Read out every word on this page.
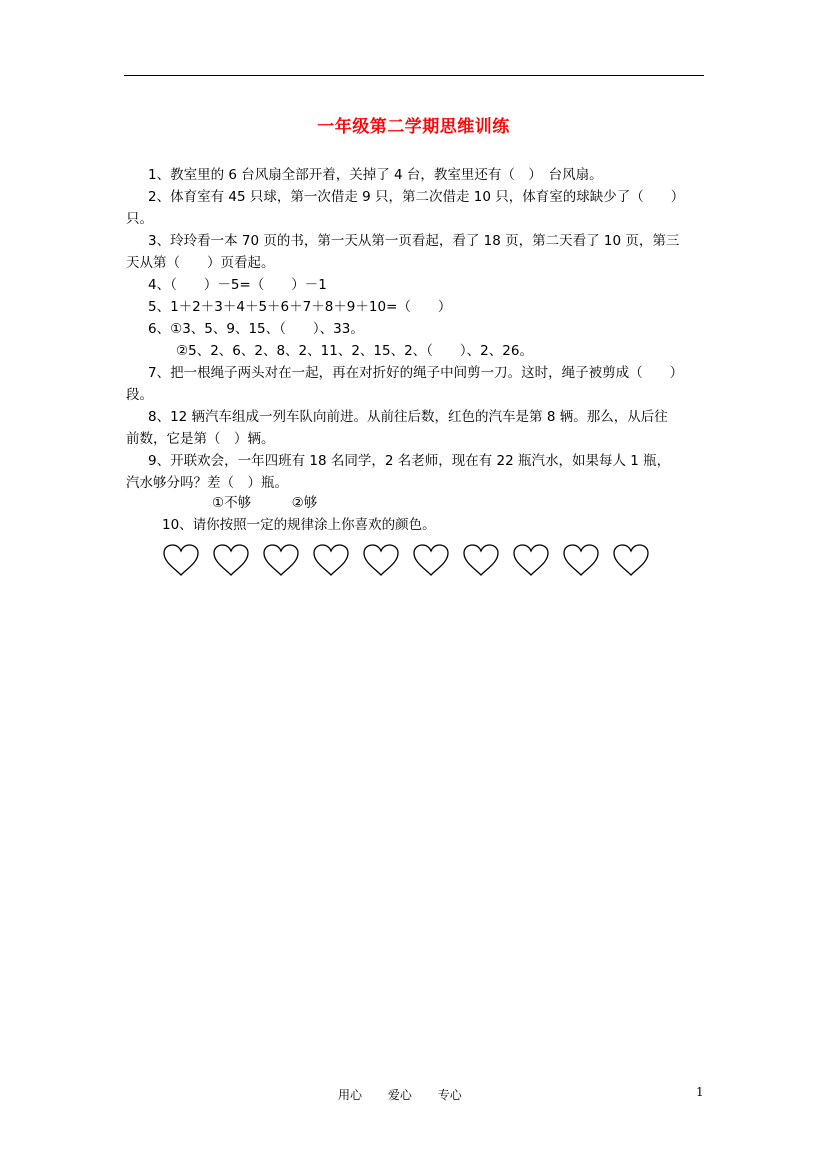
一年级第二学期思维训练
1、教室里的 6 台风扇全部开着，关掉了 4 台，教室里还有（　）　台风扇。
2、体育室有 45 只球，第一次借走 9 只，第二次借走 10 只，体育室的球缺少了（　　）
只。
3、玲玲看一本 70 页的书，第一天从第一页看起，看了 18 页，第二天看了 10 页，第三
天从第（　　）页看起。
4、（　　）－5=（　　）－1
5、1＋2＋3＋4＋5＋6＋7＋8＋9＋10=（　　）
6、①3、5、9、15、（　　）、33。
②5、2、6、2、8、2、11、2、15、2、（　　）、2、26。
7、把一根绳子两头对在一起，再在对折好的绳子中间剪一刀。这时，绳子被剪成（　　）
段。
8、12 辆汽车组成一列车队向前进。从前往后数，红色的汽车是第 8 辆。那么，从后往
前数，它是第（　）辆。
9、开联欢会，一年四班有 18 名同学，2 名老师，现在有 22 瓶汽水，如果每人 1 瓶，
汽水够分吗？差（　）瓶。
①不够　　　②够
10、请你按照一定的规律涂上你喜欢的颜色。
用心 爱心 专心	1
